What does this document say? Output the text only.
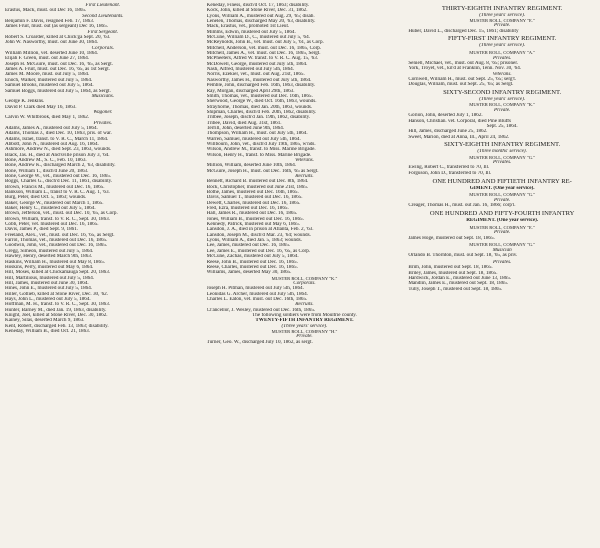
First Lieutenant.
Erastus, Mack, must. out Dec 16, 1865.
Second Lieutenants.
Benjamin F. Davis, resigned Feb. 17, 1863.
James Fruit, must. out (as sergeant) Dec 16, 1865.
First Sergeant.
Robert S. Croarder, killed at Chick'ga Sept. 20, '63.
John W. Nasworthy, must. out June 30, 1864.
Corporals.
William Million, vet. deserted June 10, 1864.
Elijah F. Green, must. out June 27, 1864.
Joseph H. McGuire, must. out Dec. 16, '65, as Sergt.
James A. Fruit, must. out Dec. 16, '65, as 1st Sergt.
James M. Moore, must. out July 5, 1864.
Enoch, Walker, mustered out July 5, 1864.
Samuel Brooks, mustered out July 5, 1864.
Samuel Boggs, mustered out July 5, 1864, as Sergt.
Musicians.
George K. Jenkins.
David P. Clark died May 16, 1863.
Wagoner.
Calvin W. Whitbrook, died May 1, 1862.
Privates.
Adams, James A., mustered out July 5, 1864.
Adams, Thomas J., died Dec. 10, 1863, pris. of war.
Adams, Israel, transf. to V. R. C., March 11, 1864.
Abbott, John N., mustered out Aug. 16, 1864.
Ashmore, Andrew N., died Sept. 23, 1863, wounds.
Black, Jas. H., died at And'sville prison July 3, '64.
Bone, Andrew M., S. C., Feb. 10, 1863.
Bone, Andrew K., discharged March 2, '63, disability.
Bone, William T., disch'd June 20, 1863.
Bone, George W., vet., mustered out Dec. 16, 1865.
Boggs, Charles G., disch'd Dec. 11, 1861, disability.
Brown, Francis M., mustered out Dec. 16, 1865.
Bankson, William L., transf to V. R. C. Aug. 1, '63.
Burg, Peter, died Oct. 5, 1863; wounds.
Baker, George W., mustered out March 1, 1865.
Baker, Henry C., mustered out July 5, 1864.
Brown, Jefferson, vet., must. out Dec. 10, '65, as Corp.
Brown, William, transf. to V. R. C., Sept. 30, 1863.
Cobb, Peter, vet. mustered out Dec. 16, 1865.
Davis, James P., died Sept. 9, 1861.
Freeland, Alex., vet., must. out Dec. 16, '65, as Sergt.
Farrol, Thomas, vet., mustered out Dec. 16, 1865.
Goodwin, John, vet., mustered out Dec. 16, 1865.
Gregg, Simeon, mustered out July 5, 1864.
Hawley, Henry, deserted March 9th, 1863.
Haskins, William H., mustered out May 8, 1865.
Hoskins, Perry, mustered out May 6, 1864.
Hill, Moses, killed at Chickamauga Sept. 20, 1863.
Hill, Martilious, mustered out July 5, 1864.
Hill, James, mustered out June 30, 1864.
Hines, John E., mustered out July 5, 1864.
Hiller, Gotlieb, killed at Stone River, Dec. 30, '62.
Hays, John L., mustered out July 5, 1864.
Hoffman, M. H., transf. to V. R. C., Sept. 30, 1863.
Hunter, Barney M., died Jan. 19, 1863, disability.
Knight, Joel, killed at Stone River, Dec. 30, 1862.
Kainey, Silas, deserted March 9, 1863.
Kent, Robert, discharged Feb. 13, 1863; disability.
Keneday, William B., died Oct. 21, 1863.
Keneday, Finess, disch'd Oct. 17, 1863; disability.
Kock, John, killed at Stone River, Dec. 31, 1862.
Lyons, William A., mustered out Aug. 29, '65; disab.
Lenelen, Thomas, discharged May 20, '63, disability.
Mack, Erastus, vet., promoted 1st Lieut.
Mimms, Edwin, mustered out July 5, 1864.
McCune, William D., C., mustered out July 5, '64.
McReynolds, John B., vet. must. out July 5, '61, as Corp.
Mitchell, Anderson, vet. must. out Dec. 16, 1865, Corp.
Mitchell, James A., vet. must. out Dec. 16, 1865, Sergt.
McPheeters, Alfred W. transf. to V. R. C. Aug. 15, '63.
McDowell, George, mustered out July 5th, 1864.
Nash, Alfred, mustered out July 5th, 1864.
Norris, Ezekiel, vet., must. out Aug. 21st, 1865.
Nasworthy, James H., mustered out July 5th, 1864.
Pemble, John, discharged Feb. 16th, 1863, disability.
Ray, Morgan, discharged April 29th, 1863.
Smith, Thomas, vet., mustered out Dec. 16th, 1865.
Sherwood, George W., died Oct. 16th, 1863, wounds.
Strayhorne, Thomas, died Jan. 20th, 1863, wounds.
Shipman, Charles, disch'd Feb. 20th, 1862, disability.
Trilbee, Joseph, disch'd Jan. 19th, 1862, disability.
Tribee, David, died Aug. 31st, 1861.
Terrill, John, deserted June 9th, 1864.
Thompson, William H., must. out July 5th, 1864.
Warren, Samuel, mustered out July 5th, 1864.
Willbourn, John, vet., disch'd July 19th, 1865, w'nds.
Wilson, Andrew M., transf. to Miss. Marine Brigade.
Wilson, Henry H., transf. to Miss. Marine Brigade.
Veterans.
Million, William, deserted June 10th, 1864.
McGuire, Joseph H., must. out Dec. 16th, '65 as Sergt.
Recruits.
Bennett, Richard B. mustered out Dec. 8th, 1864.
Bock, Christopher, mustered out June 21st, 1865.
Bothe, James, mustered out Dec. 16th, 1865.
Davis, Samuel T., mustered out Dec. 16, 1865.
Dewett, Charles, mustered out Dec. 16, 1865.
Fred, Ezra, mustered out Dec. 16, 1865.
Hall, James R., mustered out Dec. 16, 1865.
Jones, William B., mustered out Dec. 16, 1865.
Kennedy, Patrick, mustered out May 6, 1865.
Lansdon, J. A., died in prison at Atlanta, Feb. 2, '63.
Lansdon, Joseph M., disch'd Mar. 23, '64; wounds.
Lyons, William A., died Jan. 5, 1863; wounds.
Lee, James, mustered out Dec. 16, 1865.
Lee, James E., mustered out Dec. 16, '65, as Corp.
McCune, Zachas, mustered out July 5, 1864.
Reese, John B., mustered out Dec. 16, 1865.
Reese, Charles, mustered out Dec. 16, 1865.
Williams, James, deserted May 30, 1865.
MUSTER ROLL, COMPANY "K."
Corporals.
Joseph H. Pitman, mustered out July 5th, 1864.
Leonidas G. Archer, mustered out July 5th, 1864.
Charles L. Eaton, vet. must. out Dec. 16th, 1865.
Recruits.
Cl'ancellor, J. Wesley, mustered out Dec. 16th, 1865.
The following soldiers were from Moultrie county.
TWENTY-FIFTH INFANTRY REGIMENT.
(Three years' service).
MUSTER ROLL, COMPANY "H."
Private.
Turner, Geo. W., discharged July 10, 1862, as sergt.
THIRTY-EIGHTH INFANTRY REGIMENT.
(Three years' service).
MUSTER ROLL, COMPANY "E."
Private.
Huber, David L., discharged Dec. 15, 1861; disability
FIFTY-FIRST INFANTRY REGIMENT.
(Three years' service).
MUSTER ROLL, COMPANY "A."
Privates.
Seniell, Michael, vet., must. out Aug. 8, '65; prisoner.
York, Troyet, vet., kil'd at Franklin, Tenn. Nov. 30, '64.
Veterans.
Cornwell, William H., must. out Sept. 25, '65; serg't.
Douglas, William, must. out Sept. 25, '65; as Sergt.
SIXTY-SECOND INFANTRY REGIMENT.
(Three years' service).
MUSTER ROLL, COMPANY "K."
Private.
Gorion, John, deserted July 1, 1862.
Hanson, Christian. vet. Corporal, died Pine Bluffs
Sept. 25, 1864.
Hill, James, discharged June 25, 1862.
Sweet, Marion, died at Anna, Ill., April 24, 1862.
SIXTY-EIGHTH INFANTRY REGIMENT.
(Three months' service).
MUSTER ROLL, COMPANY "G."
Privates.
Ewing, Robert C., transferred to 70, Ill.
Forguson, John D., transferred to 70, Ill.
ONE HUNDRED AND FIFTIETH INFANTRY RE-
GIMENT. (One year service).
MUSTER ROLL, COMPANY "G."
Private.
Creager, Thomas H., must. out Jan. 16, 1866; corp'l.
ONE HUNDRED AND FIFTY-FOURTH INFANTRY
REGIMENT. (One year service).
MUSTER ROLL, COMPANY "E."
Private.
James Hoge, mustered out Sept. 18, 1865.
MUSTER ROLL, COMPANY "G."
Musician
Orlando B. Thornton, must. out Sept. 18, '65, as priv.
Privates.
Brim, John, mustered out Sept. 18, 1865.
Briley, James, mustered out Sept. 18, 1865.
Hardwick, Jordan E., mustered out June 13, 1865.
Mandlin, James E., mustered out Sept. 18, 1865.
Tully, Joseph T., mustered out Sept. 18, 1865.
